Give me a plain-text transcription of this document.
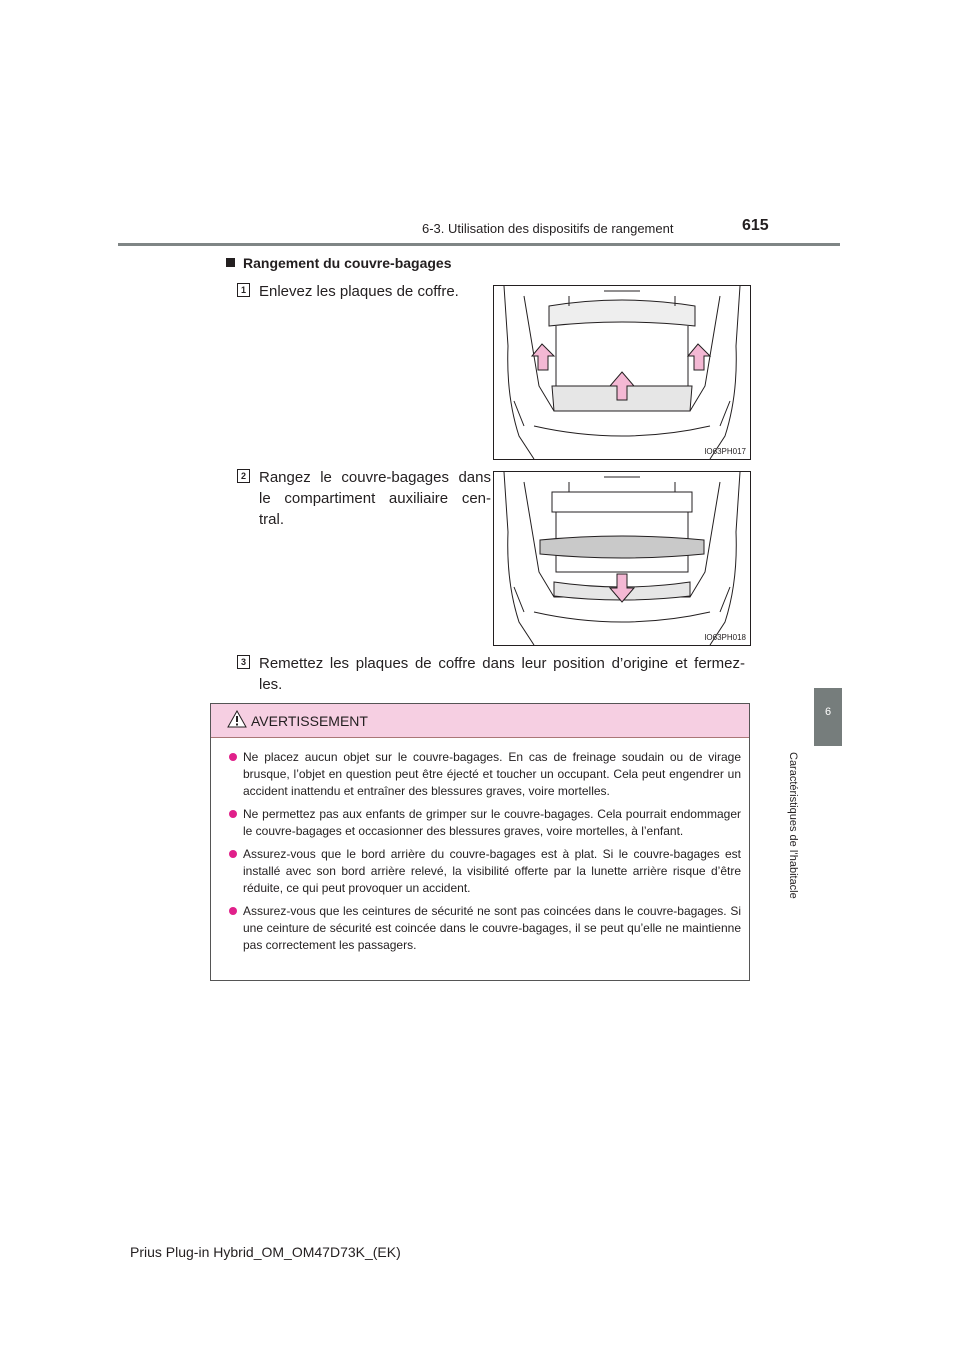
6-3. Utilisation des dispositifs de rangement	615
6
Caractéristiques de l’habitacle
Rangement du couvre-bagages
1 Enlevez les plaques de coffre.
IO63PH017
2 Rangez le couvre-bagages dans
le compartiment auxiliaire cen-
tral.
IO63PH018
3 Remettez les plaques de coffre dans leur position d’origine et fermez-
les.
AVERTISSEMENT
Ne placez aucun objet sur le couvre-bagages. En cas de freinage soudain ou de virage brusque, l’objet en question peut être éjecté et toucher un occupant. Cela peut engendrer un accident inattendu et entraîner des blessures graves, voire mortelles.
Ne permettez pas aux enfants de grimper sur le couvre-bagages. Cela pourrait endommager le couvre-bagages et occasionner des blessures graves, voire mortelles, à l’enfant.
Assurez-vous que le bord arrière du couvre-bagages est à plat. Si le couvre-bagages est installé avec son bord arrière relevé, la visibilité offerte par la lunette arrière risque d’être réduite, ce qui peut provoquer un accident.
Assurez-vous que les ceintures de sécurité ne sont pas coincées dans le couvre-bagages. Si une ceinture de sécurité est coincée dans le couvre-bagages, il se peut qu’elle ne maintienne pas correctement les passagers.
Prius Plug-in Hybrid_OM_OM47D73K_(EK)
